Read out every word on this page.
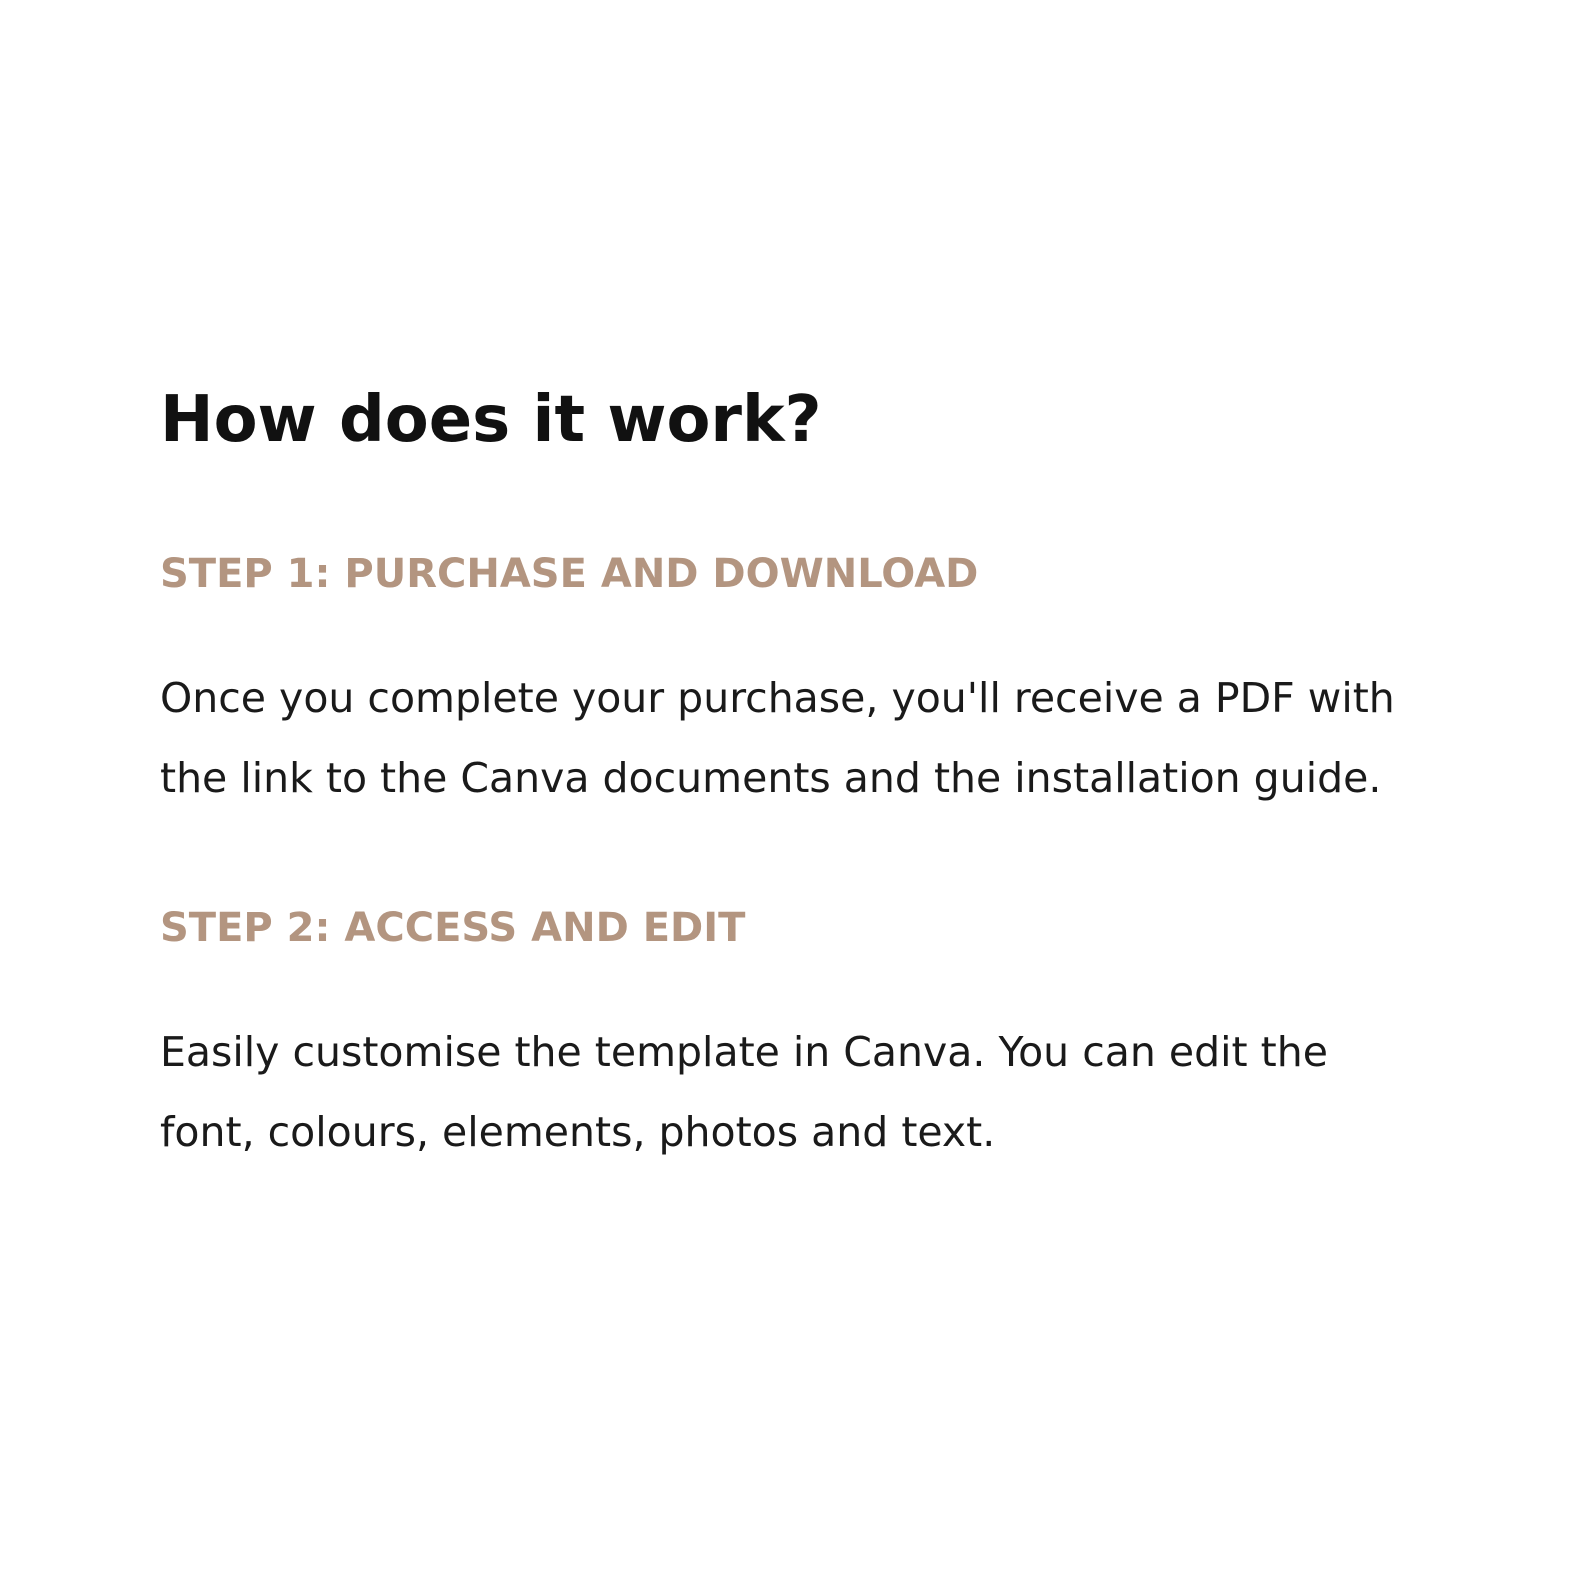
How does it work?
STEP 1: PURCHASE AND DOWNLOAD

Once you complete your purchase, you'll receive a PDF with the link to the Canva documents and the installation guide.

STEP 2: ACCESS AND EDIT

Easily customise the template in Canva. You can edit the font, colours, elements, photos and text.
